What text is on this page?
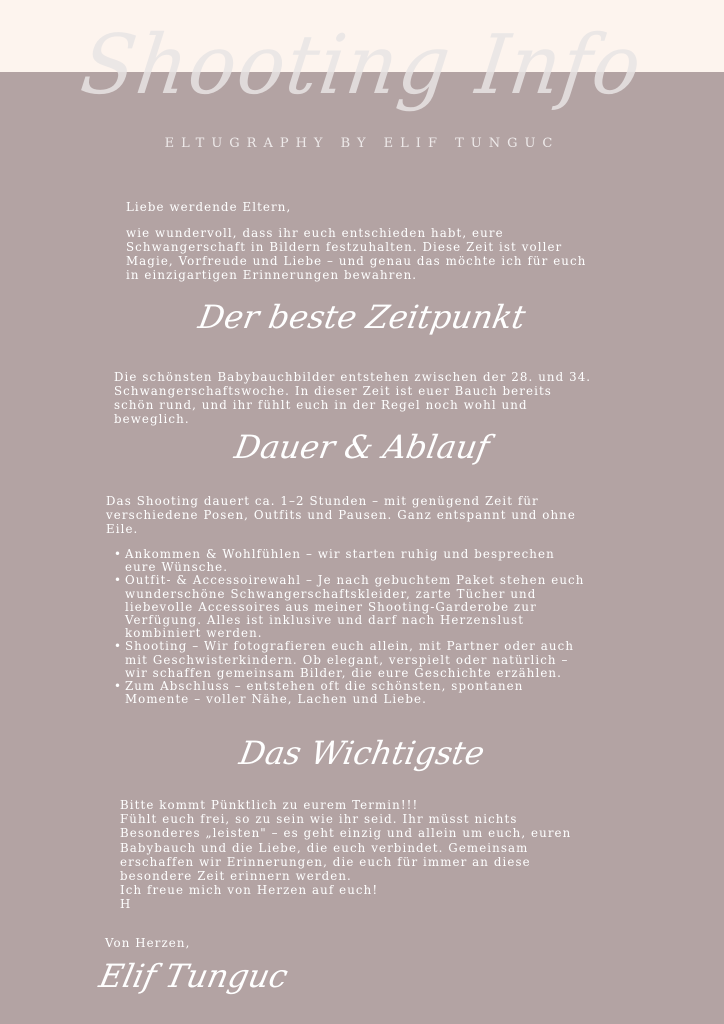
Shooting Info
ELTUGRAPHY BY ELIF TUNGUC
Liebe werdende Eltern,
wie wundervoll, dass ihr euch entschieden habt, eure
Schwangerschaft in Bildern festzuhalten. Diese Zeit ist voller
Magie, Vorfreude und Liebe – und genau das möchte ich für euch
in einzigartigen Erinnerungen bewahren.
Der beste Zeitpunkt
Die schönsten Babybauchbilder entstehen zwischen der 28. und 34.
Schwangerschaftswoche. In dieser Zeit ist euer Bauch bereits
schön rund, und ihr fühlt euch in der Regel noch wohl und
beweglich.
Dauer & Ablauf
Das Shooting dauert ca. 1–2 Stunden – mit genügend Zeit für
verschiedene Posen, Outfits und Pausen. Ganz entspannt und ohne
Eile.
• Ankommen & Wohlfühlen – wir starten ruhig und besprechen
eure Wünsche.
• Outfit- & Accessoirewahl – Je nach gebuchtem Paket stehen euch
wunderschöne Schwangerschaftskleider, zarte Tücher und
liebevolle Accessoires aus meiner Shooting-Garderobe zur
Verfügung. Alles ist inklusive und darf nach Herzenslust
kombiniert werden.
• Shooting – Wir fotografieren euch allein, mit Partner oder auch
mit Geschwisterkindern. Ob elegant, verspielt oder natürlich –
wir schaffen gemeinsam Bilder, die eure Geschichte erzählen.
• Zum Abschluss – entstehen oft die schönsten, spontanen
Momente – voller Nähe, Lachen und Liebe.
Das Wichtigste
Bitte kommt Pünktlich zu eurem Termin!!!
Fühlt euch frei, so zu sein wie ihr seid. Ihr müsst nichts
Besonderes „leisten" – es geht einzig und allein um euch, euren
Babybauch und die Liebe, die euch verbindet. Gemeinsam
erschaffen wir Erinnerungen, die euch für immer an diese
besondere Zeit erinnern werden.
Ich freue mich von Herzen auf euch!
H
Von Herzen,
Elif Tunguc
